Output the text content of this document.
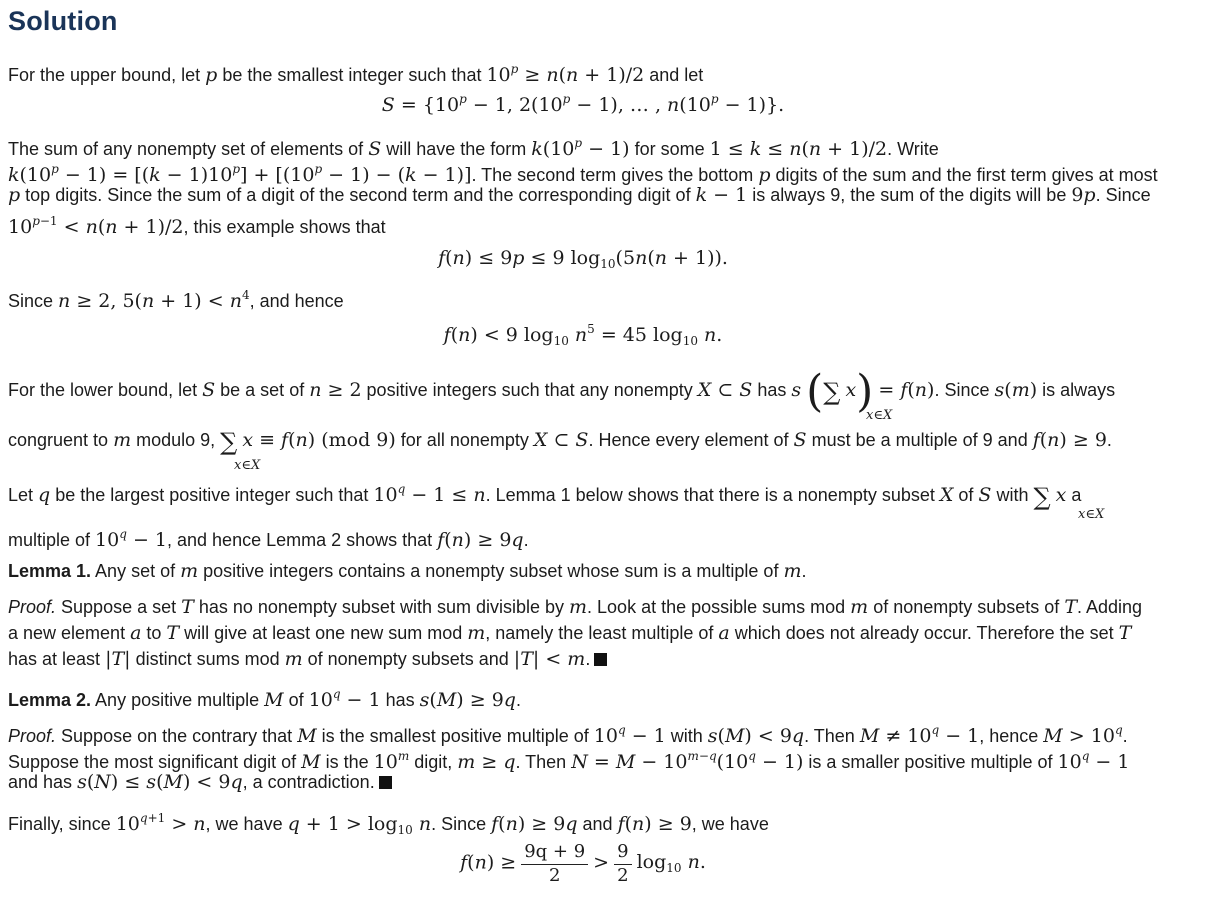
Solution
For the upper bound, let p be the smallest integer such that $10^p \ge n(n + 1)/2$ and let
$S = \{10^p - 1$, $2(10^p - 1)$, … , $n(10^p - 1)$}.
The sum of any nonempty set of elements of S will have the form $k(10^p - 1)$ for some 1 ≤ k ≤ n(n + 1)/2. Write
$k(10^p - 1) = [(k - 1)10^p] + [(10^p - 1) - (k - 1)]$. The second term gives the bottom p digits of the sum and the first term gives at most
p top digits. Since the sum of a digit of the second term and the corresponding digit of k − 1 is always 9, the sum of the digits will be 9p. Since
$10^{p-1} < n(n + 1)/2$, this example shows that
f(n) ≤ 9p ≤ 9 $\log_{10}(5n(n + 1))$.
Since n ≥ 2, $5(n + 1) < n^4$, and hence
f(n) < 9 $\log_{10} n^5 = 45$ $\log_{10} n$.
For the lower bound, let S be a set of n ≥ 2 positive integers such that any nonempty X ⊂ S has s (∑ x) = f(n). Since s(m) is always
x∈X
congruent to m modulo 9, ∑ x ≡ f(n) (mod 9) for all nonempty X ⊂ S. Hence every element of S must be a multiple of 9 and f(n) ≥ 9.
x∈X
Let q be the largest positive integer such that $10^q - 1 \le n$. Lemma 1 below shows that there is a nonempty subset X of S with ∑ x a
x∈X
multiple of $10^q - 1$, and hence Lemma 2 shows that f(n) ≥ 9q.
Lemma 1. Any set of m positive integers contains a nonempty subset whose sum is a multiple of m.
Proof. Suppose a set T has no nonempty subset with sum divisible by m. Look at the possible sums mod m of nonempty subsets of T. Adding
a new element a to T will give at least one new sum mod m, namely the least multiple of a which does not already occur. Therefore the set T
has at least |T| distinct sums mod m of nonempty subsets and |T| < m.
Lemma 2. Any positive multiple M of $10^q - 1$ has s(M) ≥ 9q.
Proof. Suppose on the contrary that M is the smallest positive multiple of $10^q - 1$ with s(M) < 9q. Then $M \ne 10^q - 1$, hence $M > 10^q$.
Suppose the most significant digit of M is the 10$^m$ digit, m ≥ q. Then $N = M - 10^{m-q}(10^q - 1)$ is a smaller positive multiple of $10^q - 1$
and has s(N) ≤ s(M) < 9q, a contradiction.
Finally, since $10^{q+1} > n$, we have $q + 1 > \log_{10} n$. Since f(n) ≥ 9q and f(n) ≥ 9, we have
$f(n) \ge \frac{9q + 9}{2} > \frac{9}{2} \log_{10} n$.
